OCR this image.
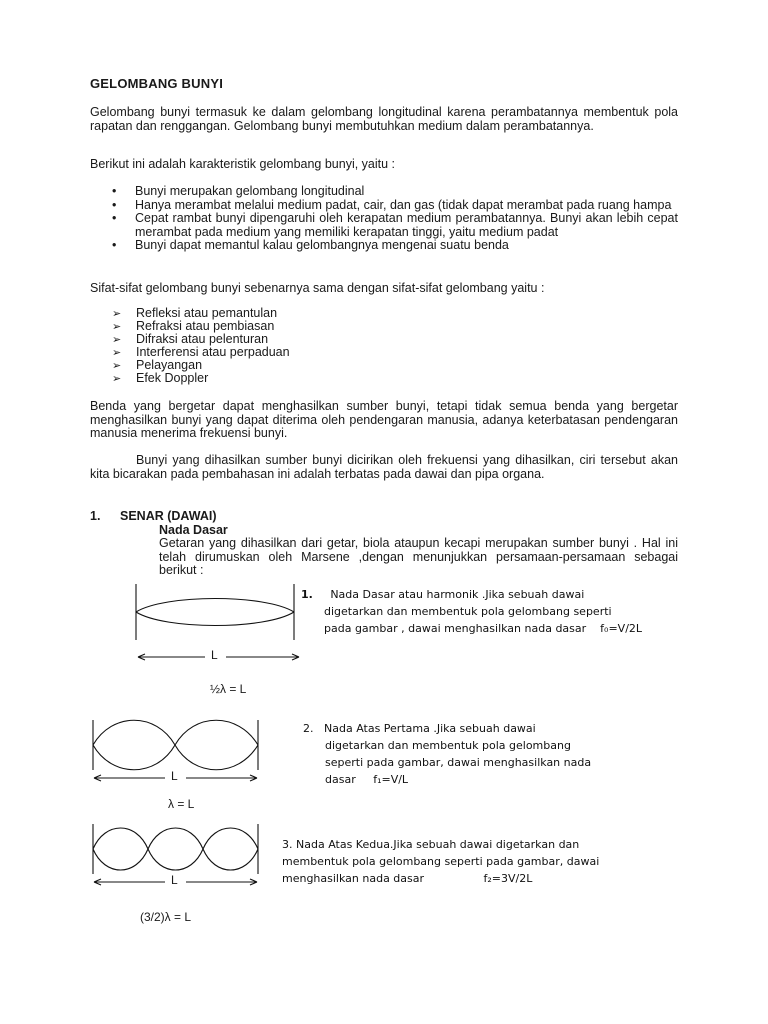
GELOMBANG BUNYI
Gelombang bunyi termasuk ke dalam gelombang longitudinal karena perambatannya membentuk pola rapatan dan renggangan. Gelombang bunyi membutuhkan medium dalam perambatannya.
Berikut ini adalah karakteristik gelombang bunyi, yaitu :
• Bunyi merupakan gelombang longitudinal
• Hanya merambat melalui medium padat, cair, dan gas (tidak dapat merambat pada ruang hampa
• Cepat rambat bunyi dipengaruhi oleh kerapatan medium perambatannya. Bunyi akan lebih cepat merambat pada medium yang memiliki kerapatan tinggi, yaitu medium padat
• Bunyi dapat memantul kalau gelombangnya mengenai suatu benda
Sifat-sifat gelombang bunyi sebenarnya sama dengan sifat-sifat gelombang yaitu :
➢ Refleksi atau pemantulan
➢ Refraksi atau pembiasan
➢ Difraksi atau pelenturan
➢ Interferensi atau perpaduan
➢ Pelayangan
➢ Efek Doppler
Benda yang bergetar dapat menghasilkan sumber bunyi, tetapi tidak semua benda yang bergetar menghasilkan bunyi yang dapat diterima oleh pendengaran manusia, adanya keterbatasan pendengaran manusia menerima frekuensi bunyi.
Bunyi yang dihasilkan sumber bunyi dicirikan oleh frekuensi yang dihasilkan, ciri tersebut akan kita bicarakan pada pembahasan ini adalah terbatas pada dawai dan pipa organa.
1. SENAR (DAWAI)
Nada Dasar
Getaran yang dihasilkan dari getar, biola ataupun kecapi merupakan sumber bunyi . Hal ini telah dirumuskan oleh Marsene ,dengan menunjukkan persamaan-persamaan sebagai berikut :
L
½λ = L
L
λ = L
L
(3/2)λ = L
1. Nada Dasar atau harmonik .Jika sebuah dawai
digetarkan dan membentuk pola gelombang seperti
pada gambar , dawai menghasilkan nada dasar f₀=V/2L
2. Nada Atas Pertama .Jika sebuah dawai
digetarkan dan membentuk pola gelombang
seperti pada gambar, dawai menghasilkan nada
dasar f₁=V/L
3. Nada Atas Kedua.Jika sebuah dawai digetarkan dan
membentuk pola gelombang seperti pada gambar, dawai
menghasilkan nada dasar	f₂=3V/2L
